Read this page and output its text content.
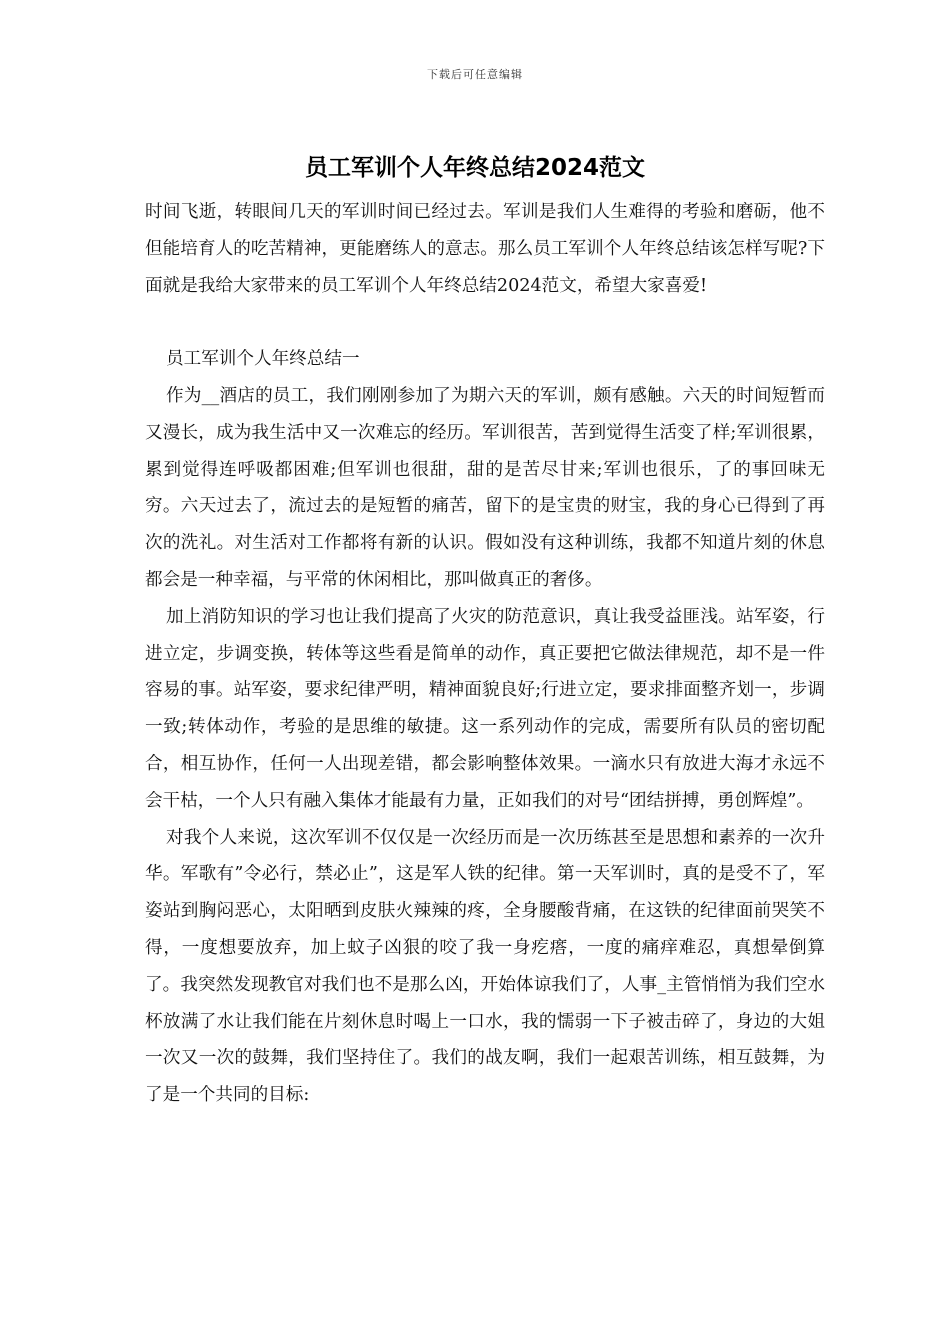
下载后可任意编辑
员工军训个人年终总结2024范文

时间飞逝，转眼间几天的军训时间已经过去。军训是我们人生难得的考验和磨砺，他不但能培育人的吃苦精神，更能磨练人的意志。那么员工军训个人年终总结该怎样写呢?下面就是我给大家带来的员工军训个人年终总结2024范文，希望大家喜爱!

员工军训个人年终总结一

作为__酒店的员工，我们刚刚参加了为期六天的军训，颇有感触。六天的时间短暂而又漫长，成为我生活中又一次难忘的经历。军训很苦，苦到觉得生活变了样;军训很累，累到觉得连呼吸都困难;但军训也很甜，甜的是苦尽甘来;军训也很乐，了的事回味无穷。六天过去了，流过去的是短暂的痛苦，留下的是宝贵的财宝，我的身心已得到了再次的洗礼。对生活对工作都将有新的认识。假如没有这种训练，我都不知道片刻的休息都会是一种幸福，与平常的休闲相比，那叫做真正的奢侈。

加上消防知识的学习也让我们提高了火灾的防范意识，真让我受益匪浅。站军姿，行进立定，步调变换，转体等这些看是简单的动作，真正要把它做法律规范，却不是一件容易的事。站军姿，要求纪律严明，精神面貌良好;行进立定，要求排面整齐划一，步调一致;转体动作，考验的是思维的敏捷。这一系列动作的完成，需要所有队员的密切配合，相互协作，任何一人出现差错，都会影响整体效果。一滴水只有放进大海才永远不会干枯，一个人只有融入集体才能最有力量，正如我们的对号“团结拼搏，勇创辉煌”。

对我个人来说，这次军训不仅仅是一次经历而是一次历练甚至是思想和素养的一次升华。军歌有”令必行，禁必止”，这是军人铁的纪律。第一天军训时，真的是受不了，军姿站到胸闷恶心，太阳晒到皮肤火辣辣的疼，全身腰酸背痛，在这铁的纪律面前哭笑不得，一度想要放弃，加上蚊子凶狠的咬了我一身疙瘩，一度的痛痒难忍，真想晕倒算了。我突然发现教官对我们也不是那么凶，开始体谅我们了，人事_主管悄悄为我们空水杯放满了水让我们能在片刻休息时喝上一口水，我的懦弱一下子被击碎了，身边的大姐一次又一次的鼓舞，我们坚持住了。我们的战友啊，我们一起艰苦训练，相互鼓舞，为了是一个共同的目标:
